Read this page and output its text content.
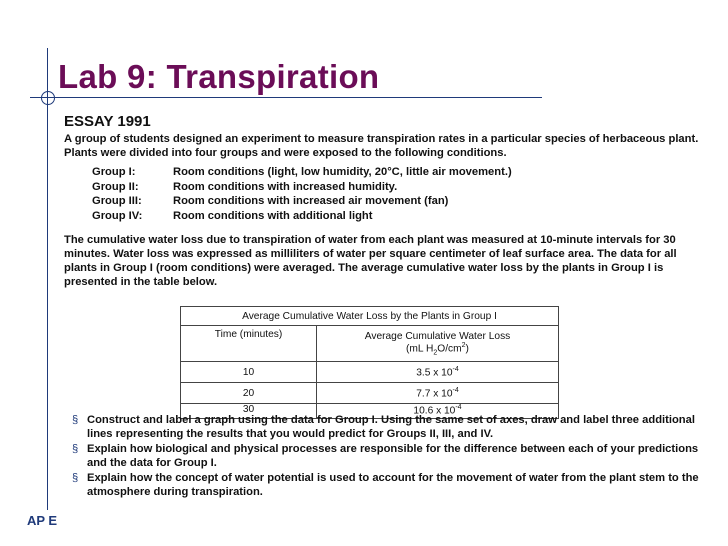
Lab 9: Transpiration
ESSAY 1991

A group of students designed an experiment to measure transpiration rates in a particular species of herbaceous plant. Plants were divided into four groups and were exposed to the following conditions.

Group I:	Room conditions (light, low humidity, 20°C, little air movement.)
Group II:	Room conditions with increased humidity.
Group III:	Room conditions with increased air movement (fan)
Group IV:	Room conditions with additional light

The cumulative water loss due to transpiration of water from each plant was measured at 10-minute intervals for 30 minutes. Water loss was expressed as milliliters of water per square centimeter of leaf surface area. The data for all plants in Group I (room conditions) were averaged. The average cumulative water loss by the plants in Group I is presented in the table below.

Average Cumulative Water Loss by the Plants in Group I	
Time (minutes)	Average Cumulative Water Loss
(mL $H_2O/cm^2$)

10	3.5 x $10^{-4}$
20	7.7 x $10^{-4}$
30	10.6 x $10^{-4}$
§ Construct and label a graph using the data for Group I. Using the same set of axes, draw and label three additional lines representing the results that you would predict for Groups II, III, and IV.
§ Explain how biological and physical processes are responsible for the difference between each of your predictions and the data for Group I.
§ Explain how the concept of water potential is used to account for the movement of water from the plant stem to the atmosphere during transpiration.
AP E
